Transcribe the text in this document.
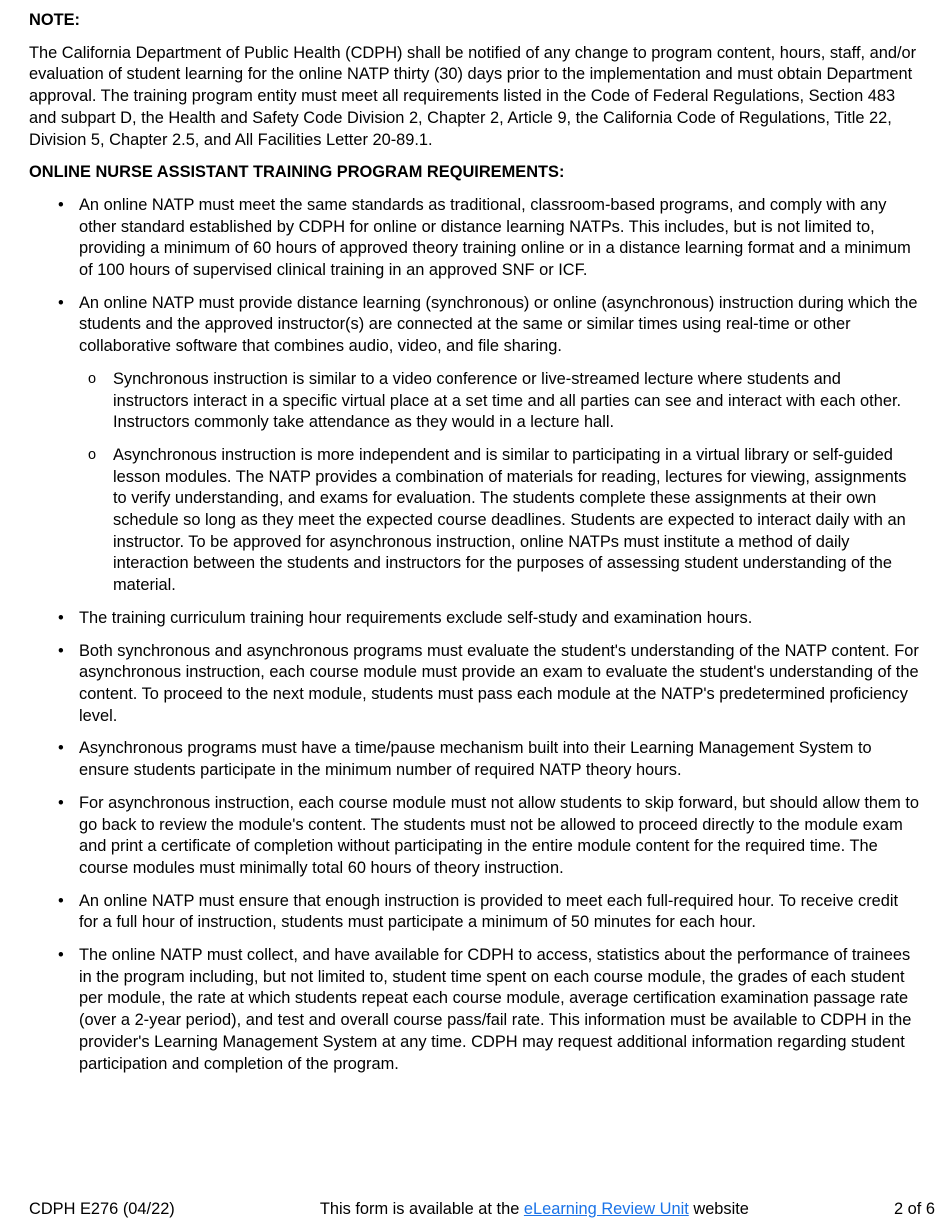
NOTE:

The California Department of Public Health (CDPH) shall be notified of any change to program content, hours, staff, and/or evaluation of student learning for the online NATP thirty (30) days prior to the implementation and must obtain Department approval. The training program entity must meet all requirements listed in the Code of Federal Regulations, Section 483 and subpart D, the Health and Safety Code Division 2, Chapter 2, Article 9, the California Code of Regulations, Title 22, Division 5, Chapter 2.5, and All Facilities Letter 20-89.1.

ONLINE NURSE ASSISTANT TRAINING PROGRAM REQUIREMENTS:

• An online NATP must meet the same standards as traditional, classroom-based programs, and comply with any other standard established by CDPH for online or distance learning NATPs. This includes, but is not limited to, providing a minimum of 60 hours of approved theory training online or in a distance learning format and a minimum of 100 hours of supervised clinical training in an approved SNF or ICF.
• An online NATP must provide distance learning (synchronous) or online (asynchronous) instruction during which the students and the approved instructor(s) are connected at the same or similar times using real-time or other collaborative software that combines audio, video, and file sharing.
o Synchronous instruction is similar to a video conference or live-streamed lecture where students and instructors interact in a specific virtual place at a set time and all parties can see and interact with each other. Instructors commonly take attendance as they would in a lecture hall.
o Asynchronous instruction is more independent and is similar to participating in a virtual library or self-guided lesson modules. The NATP provides a combination of materials for reading, lectures for viewing, assignments to verify understanding, and exams for evaluation. The students complete these assignments at their own schedule so long as they meet the expected course deadlines. Students are expected to interact daily with an instructor. To be approved for asynchronous instruction, online NATPs must institute a method of daily interaction between the students and instructors for the purposes of assessing student understanding of the material.
• The training curriculum training hour requirements exclude self-study and examination hours.
• Both synchronous and asynchronous programs must evaluate the student's understanding of the NATP content. For asynchronous instruction, each course module must provide an exam to evaluate the student's understanding of the content. To proceed to the next module, students must pass each module at the NATP's predetermined proficiency level.
• Asynchronous programs must have a time/pause mechanism built into their Learning Management System to ensure students participate in the minimum number of required NATP theory hours.
• For asynchronous instruction, each course module must not allow students to skip forward, but should allow them to go back to review the module's content. The students must not be allowed to proceed directly to the module exam and print a certificate of completion without participating in the entire module content for the required time. The course modules must minimally total 60 hours of theory instruction.
• An online NATP must ensure that enough instruction is provided to meet each full-required hour. To receive credit for a full hour of instruction, students must participate a minimum of 50 minutes for each hour.
• The online NATP must collect, and have available for CDPH to access, statistics about the performance of trainees in the program including, but not limited to, student time spent on each course module, the grades of each student per module, the rate at which students repeat each course module, average certification examination passage rate (over a 2-year period), and test and overall course pass/fail rate. This information must be available to CDPH in the provider's Learning Management System at any time. CDPH may request additional information regarding student participation and completion of the program.
CDPH E276 (04/22)	This form is available at the eLearning Review Unit website	2 of 6
